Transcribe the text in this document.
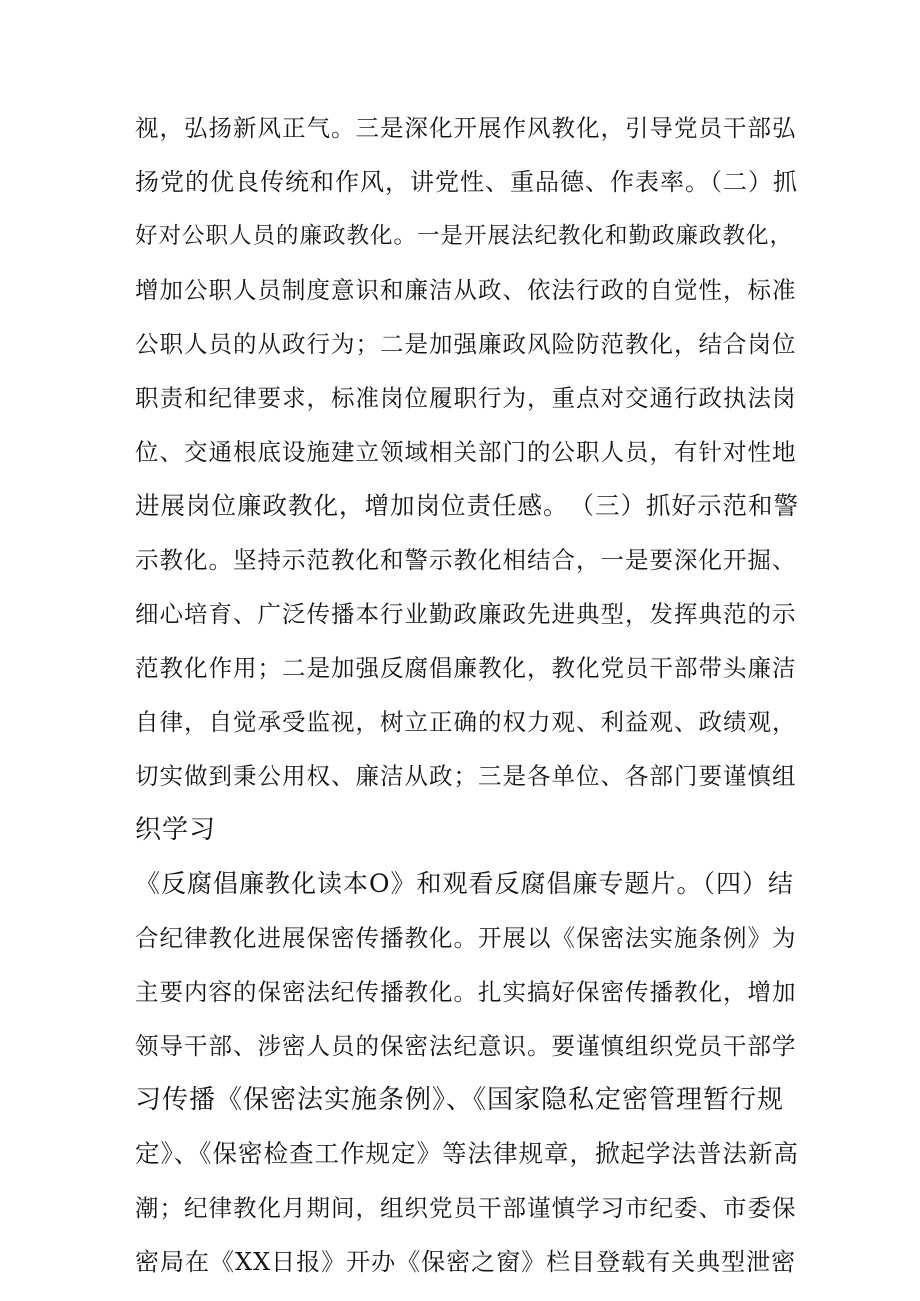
视，弘扬新风正气。三是深化开展作风教化，引导党员干部弘
扬党的优良传统和作风，讲党性、重品德、作表率。（二）抓
好对公职人员的廉政教化。一是开展法纪教化和勤政廉政教化，
增加公职人员制度意识和廉洁从政、依法行政的自觉性，标准
公职人员的从政行为；二是加强廉政风险防范教化，结合岗位
职责和纪律要求，标准岗位履职行为，重点对交通行政执法岗
位、交通根底设施建立领域相关部门的公职人员，有针对性地
进展岗位廉政教化，增加岗位责任感。　（三）抓好示范和警
示教化。坚持示范教化和警示教化相结合，一是要深化开掘、
细心培育、广泛传播本行业勤政廉政先进典型，发挥典范的示
范教化作用；二是加强反腐倡廉教化，教化党员干部带头廉洁
自律，自觉承受监视，树立正确的权力观、利益观、政绩观，
切实做到秉公用权、廉洁从政；三是各单位、各部门要谨慎组
织学习
《反腐倡廉教化读本O》和观看反腐倡廉专题片。（四）结
合纪律教化进展保密传播教化。开展以《保密法实施条例》为
主要内容的保密法纪传播教化。扎实搞好保密传播教化，增加
领导干部、涉密人员的保密法纪意识。要谨慎组织党员干部学
习传播《保密法实施条例》、《国家隐私定密管理暂行规
定》、《保密检查工作规定》等法律规章，掀起学法普法新高
潮；纪律教化月期间，组织党员干部谨慎学习市纪委、市委保
密局在《XX日报》开办《保密之窗》栏目登载有关典型泄密
